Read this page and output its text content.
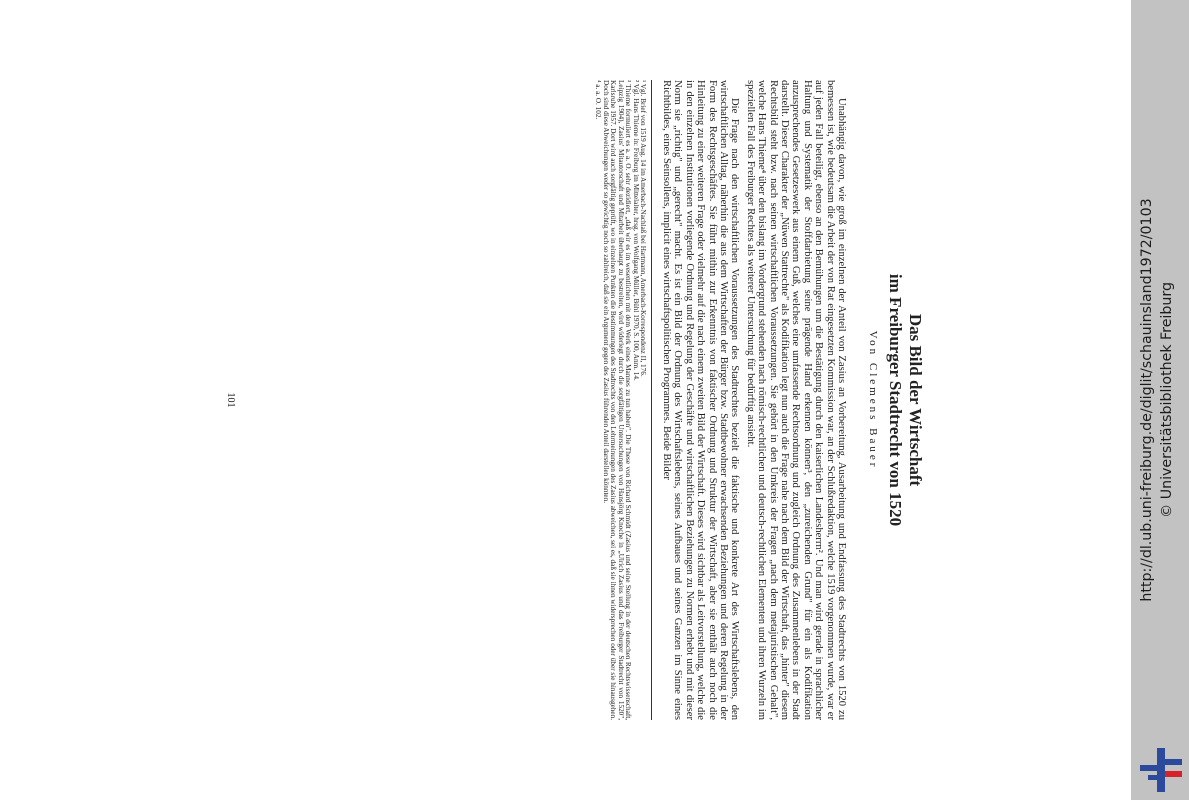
Das Bild der Wirtschaft
im Freiburger Stadtrecht von 1520

Von Clemens Bauer

Unabhängig davon, wie groß im einzelnen der Anteil von Zasius an Vorbereitung, Ausarbeitung und Endfassung des Stadtrechts von 1520 zu bemessen ist, wie bedeutsam die Arbeit der von Rat eingesetzten Kommission war, an der Schlußredaktion, welche 1519 vorgenommen wurde, war er auf jeden Fall beteiligt, ebenso an den Bemühungen um die Bestätigung durch den kaiserlichen Landesherrn². Und man wird gerade in sprachlicher Haltung und Systematik der Stoffdarbietung seine prägende Hand erkennen können³, den „zureichenden Grund" für ein als Kodifikation anzusprechendes Gesetzeswerk aus einem Guß, welches eine umfassende Rechtsordnung und zugleich Ordnung des Zusammenlebens in der Stadt darstellt. Dieser Charakter der „Nüwen Stattrechte" als Kodifikation legt nun auch die Frage nahe nach dem Bild der Wirtschaft, das „hinter" diesem Rechtsbild steht bzw. nach seinen wirtschaftlichen Voraussetzungen. Sie gehört in den Umkreis der Fragen „nach dem metajuristischen Gehalt", welche Hans Thieme⁴ über den bislang im Vordergrund stehenden nach römisch-rechtlichen und deutsch-rechtlichen Elementen und ihren Wurzeln im speziellen Fall des Freiburger Rechtes als weiterer Untersuchung für bedürftig ansieht.

Die Frage nach den wirtschaftlichen Voraussetzungen des Stadtrechtes bezielt die faktische und konkrete Art des Wirtschaftslebens, den wirtschaftlichen Alltag, näherhin die aus dem Wirtschaften der Bürger bzw. Stadtbewohner erwachsenden Beziehungen und deren Regelung in der Form des Rechtsgeschäftes. Sie führt mithin zur Erkenntnis von faktischer Ordnung und Struktur der Wirtschaft, aber sie enthält auch noch die Hinleitung zu einer weiteren Frage oder vielmehr auf die nach einem zweiten Bild der Wirtschaft. Dieses wird sichtbar als Leitvorstellung, welche die in den einzelnen Institutionen vorliegende Ordnung und Regelung der Geschäfte und wirtschaftlichen Beziehungen zu Normen erhebt und mit dieser Norm sie „richtig" und „gerecht" macht. Es ist ein Bild der Ordnung des Wirtschaftslebens, seines Aufbaues und seines Ganzen im Sinne eines Richtbildes, eines Seinsollens, implicit eines wirtschaftspolitischen Programmes. Beide Bilder

¹ Vgl. Brief von 1519 Aug. 14 im Amerbach-Nachlaß bei Hartmann, Amerbach-Korrespondenz II, 176.

² Vgl. Hans Thieme in: Freiburg im Mittelalter, hrsg. von Wolfgang Müller, Bühl 1970, S. 100, Anm. 14.

³ Thieme formuliert es a. a. O. sehr dezidiert, „daß wir es im wesentlichen mit dem Werk eines Mannes zu tun haben". Die These von Richard Schmidt (Zasius und seine Stellung in der deutschen Rechtswissenschaft, Leipzig 1904), Zasius' Mitautorschaft und Mitarbeit überhaupt zu bestreiten, wird widerlegt durch die sorgfältigen Untersuchungen von Hansjörg Knoche in „Ulrich Zasius und das Freiburger Stadtrecht von 1520", Karlsruhe 1957. Dort wird auch sorgfältig geprüft, wo in einzelnen Punkten die Bestimmungen des Stadtrechts von den Lehrmeinungen des Zasius abweichen, sei es, daß sie ihnen widersprechen oder über sie hinausgehen. Doch sind diese Abweichungen weder so gewichtig noch so zahlreich, daß sie ein Argument gegen des Zasius führenden Anteil darstellen könnten.

⁴ a. a. O. 102.

101	http://dl.ub.uni-freiburg.de/diglit/schauinsland1972/0103 © Universitätsbibliothek Freiburg
